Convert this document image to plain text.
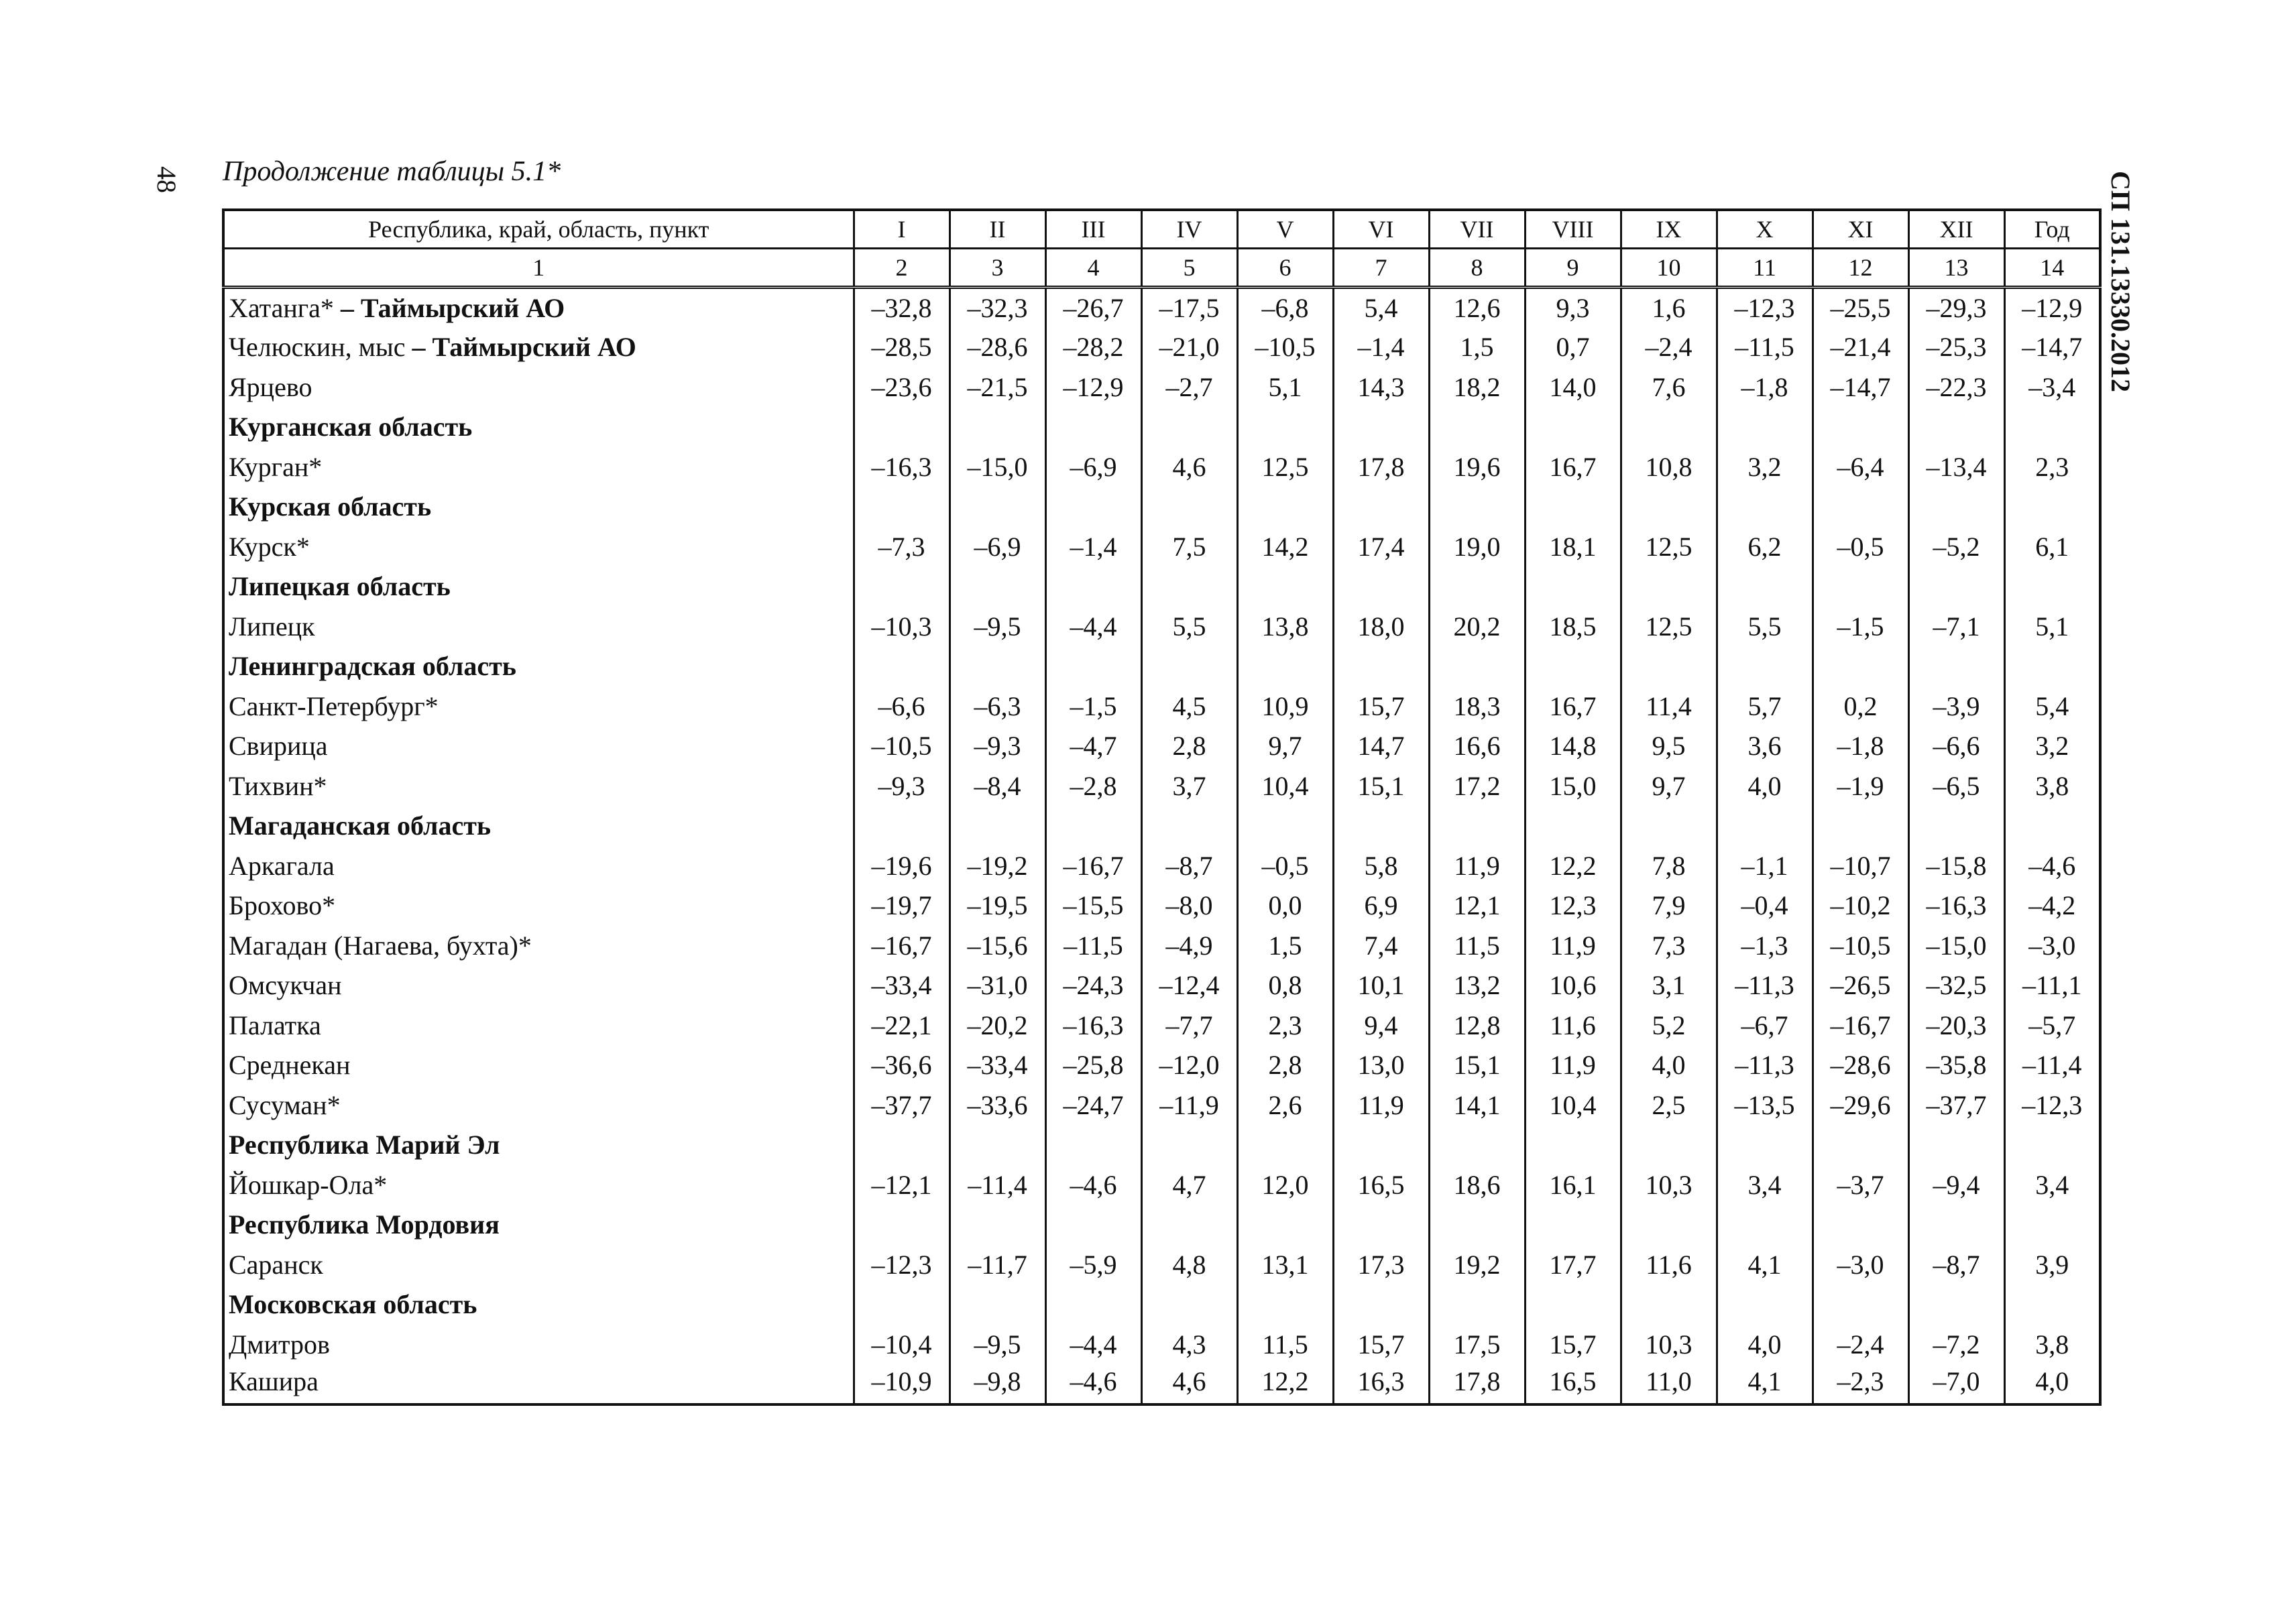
48 Продолжение таблицы 5.1*	СП 131.13330.2012
Республика, край, область, пункт	I	II	III	IV	V	VI	VII	VIII	IX	X	XI	XII	Год
1	2	3	4	5	6	7	8	9	10	11	12	13	14
Хатанга* – Таймырский АО	–32,8	–32,3	–26,7	–17,5	–6,8	5,4	12,6	9,3	1,6	–12,3	–25,5	–29,3	–12,9
Челюскин, мыс – Таймырский АО	–28,5	–28,6	–28,2	–21,0	–10,5	–1,4	1,5	0,7	–2,4	–11,5	–21,4	–25,3	–14,7
Ярцево	–23,6	–21,5	–12,9	–2,7	5,1	14,3	18,2	14,0	7,6	–1,8	–14,7	–22,3	–3,4
Курганская область													
Курган*	–16,3	–15,0	–6,9	4,6	12,5	17,8	19,6	16,7	10,8	3,2	–6,4	–13,4	2,3
Курская область													
Курск*	–7,3	–6,9	–1,4	7,5	14,2	17,4	19,0	18,1	12,5	6,2	–0,5	–5,2	6,1
Липецкая область													
Липецк	–10,3	–9,5	–4,4	5,5	13,8	18,0	20,2	18,5	12,5	5,5	–1,5	–7,1	5,1
Ленинградская область													
Санкт-Петербург*	–6,6	–6,3	–1,5	4,5	10,9	15,7	18,3	16,7	11,4	5,7	0,2	–3,9	5,4
Свирица	–10,5	–9,3	–4,7	2,8	9,7	14,7	16,6	14,8	9,5	3,6	–1,8	–6,6	3,2
Тихвин*	–9,3	–8,4	–2,8	3,7	10,4	15,1	17,2	15,0	9,7	4,0	–1,9	–6,5	3,8
Магаданская область													
Аркагала	–19,6	–19,2	–16,7	–8,7	–0,5	5,8	11,9	12,2	7,8	–1,1	–10,7	–15,8	–4,6
Брохово*	–19,7	–19,5	–15,5	–8,0	0,0	6,9	12,1	12,3	7,9	–0,4	–10,2	–16,3	–4,2
Магадан (Нагаева, бухта)*	–16,7	–15,6	–11,5	–4,9	1,5	7,4	11,5	11,9	7,3	–1,3	–10,5	–15,0	–3,0
Омсукчан	–33,4	–31,0	–24,3	–12,4	0,8	10,1	13,2	10,6	3,1	–11,3	–26,5	–32,5	–11,1
Палатка	–22,1	–20,2	–16,3	–7,7	2,3	9,4	12,8	11,6	5,2	–6,7	–16,7	–20,3	–5,7
Среднекан	–36,6	–33,4	–25,8	–12,0	2,8	13,0	15,1	11,9	4,0	–11,3	–28,6	–35,8	–11,4
Сусуман*	–37,7	–33,6	–24,7	–11,9	2,6	11,9	14,1	10,4	2,5	–13,5	–29,6	–37,7	–12,3
Республика Марий Эл													
Йошкар-Ола*	–12,1	–11,4	–4,6	4,7	12,0	16,5	18,6	16,1	10,3	3,4	–3,7	–9,4	3,4
Республика Мордовия													
Саранск	–12,3	–11,7	–5,9	4,8	13,1	17,3	19,2	17,7	11,6	4,1	–3,0	–8,7	3,9
Московская область													
Дмитров	–10,4	–9,5	–4,4	4,3	11,5	15,7	17,5	15,7	10,3	4,0	–2,4	–7,2	3,8
Кашира	–10,9	–9,8	–4,6	4,6	12,2	16,3	17,8	16,5	11,0	4,1	–2,3	–7,0	4,0
